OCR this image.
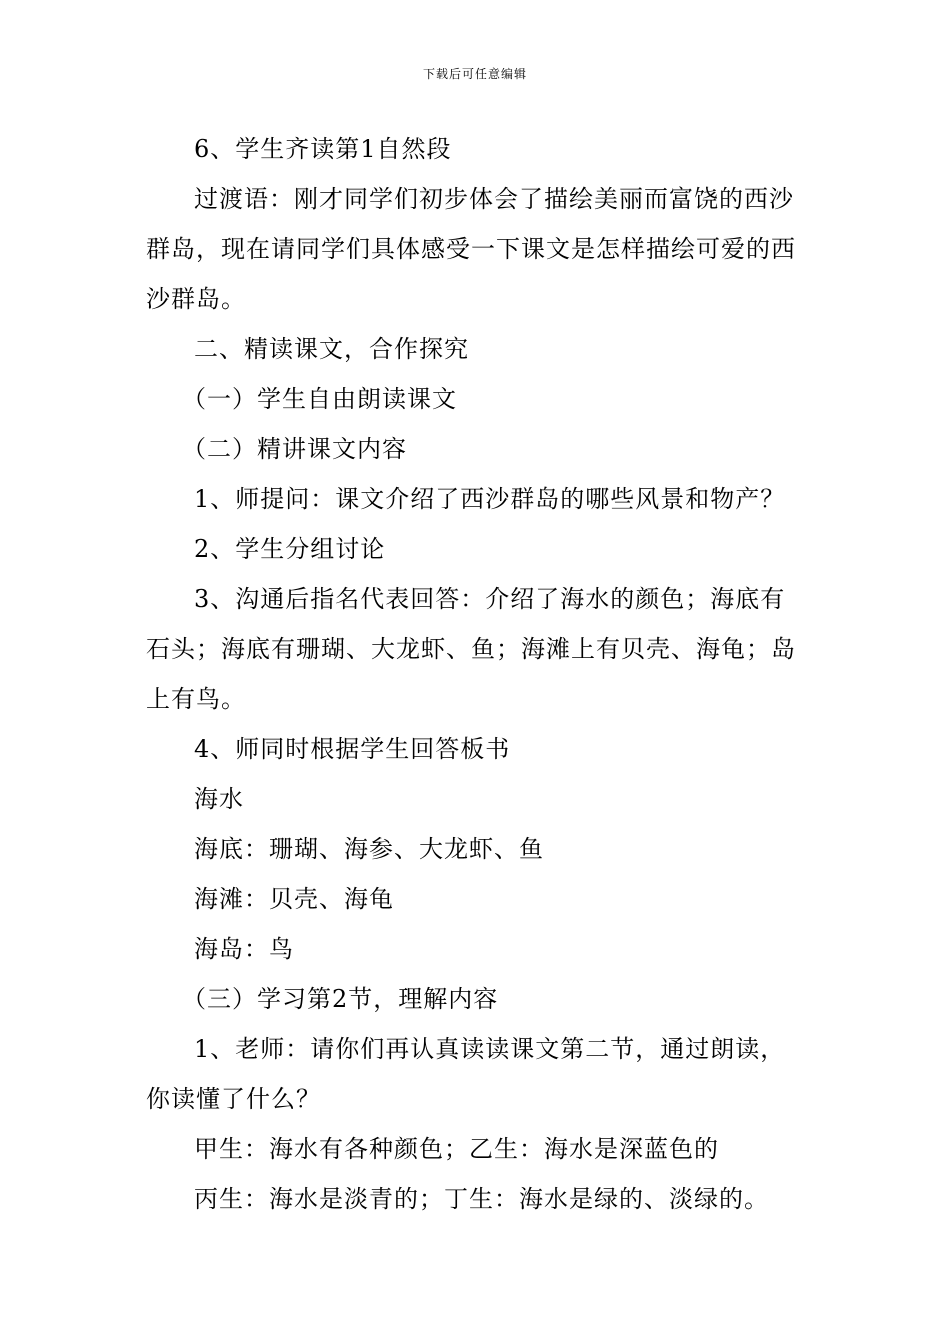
下载后可任意编辑

6、学生齐读第1自然段

过渡语：刚才同学们初步体会了描绘美丽而富饶的西沙群岛，现在请同学们具体感受一下课文是怎样描绘可爱的西沙群岛。

二、精读课文，合作探究

（一）学生自由朗读课文

（二）精讲课文内容

1、师提问：课文介绍了西沙群岛的哪些风景和物产？

2、学生分组讨论

3、沟通后指名代表回答：介绍了海水的颜色；海底有石头；海底有珊瑚、大龙虾、鱼；海滩上有贝壳、海龟；岛上有鸟。

4、师同时根据学生回答板书

海水

海底：珊瑚、海参、大龙虾、鱼

海滩：贝壳、海龟

海岛：鸟

（三）学习第2节，理解内容

1、老师：请你们再认真读读课文第二节，通过朗读，你读懂了什么？

甲生：海水有各种颜色；乙生：海水是深蓝色的

丙生：海水是淡青的；丁生：海水是绿的、淡绿的。
